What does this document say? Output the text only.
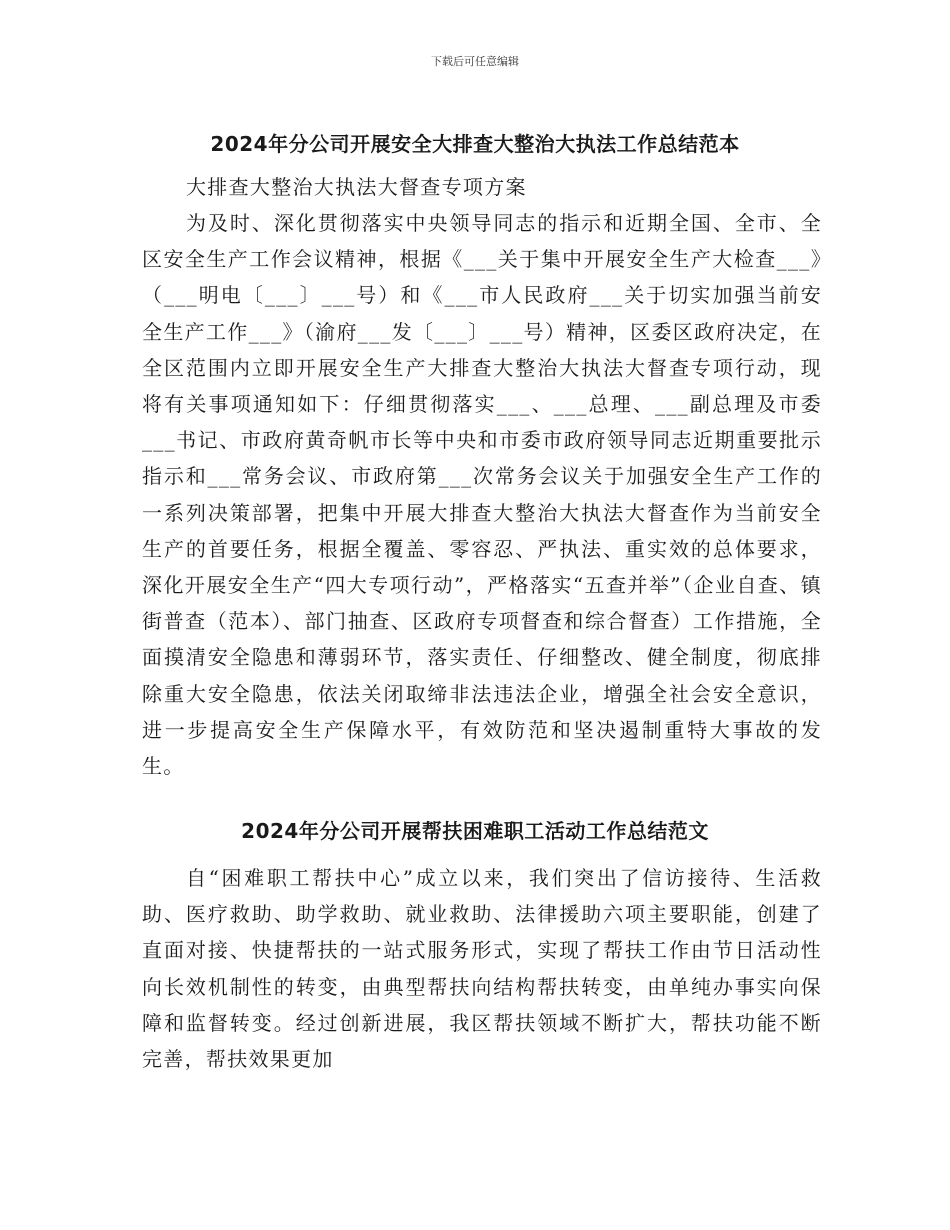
下载后可任意编辑
2024年分公司开展安全大排查大整治大执法工作总结范本

大排查大整治大执法大督查专项方案

为及时、深化贯彻落实中央领导同志的指示和近期全国、全市、全区安全生产工作会议精神，根据《___关于集中开展安全生产大检查___》（___明电〔___〕___号）和《___市人民政府___关于切实加强当前安全生产工作___》（渝府___发〔___〕___号）精神，区委区政府决定，在全区范围内立即开展安全生产大排查大整治大执法大督查专项行动，现将有关事项通知如下：仔细贯彻落实___、___总理、___副总理及市委___书记、市政府黄奇帆市长等中央和市委市政府领导同志近期重要批示指示和___常务会议、市政府第___次常务会议关于加强安全生产工作的一系列决策部署，把集中开展大排查大整治大执法大督查作为当前安全生产的首要任务，根据全覆盖、零容忍、严执法、重实效的总体要求，深化开展安全生产“四大专项行动”，严格落实“五查并举”（企业自查、镇街普查（范本）、部门抽查、区政府专项督查和综合督查）工作措施，全面摸清安全隐患和薄弱环节，落实责任、仔细整改、健全制度，彻底排除重大安全隐患，依法关闭取缔非法违法企业，增强全社会安全意识，进一步提高安全生产保障水平，有效防范和坚决遏制重特大事故的发生。

2024年分公司开展帮扶困难职工活动工作总结范文

自“困难职工帮扶中心”成立以来，我们突出了信访接待、生活救助、医疗救助、助学救助、就业救助、法律援助六项主要职能，创建了直面对接、快捷帮扶的一站式服务形式，实现了帮扶工作由节日活动性向长效机制性的转变，由典型帮扶向结构帮扶转变，由单纯办事实向保障和监督转变。经过创新进展，我区帮扶领域不断扩大，帮扶功能不断完善，帮扶效果更加
